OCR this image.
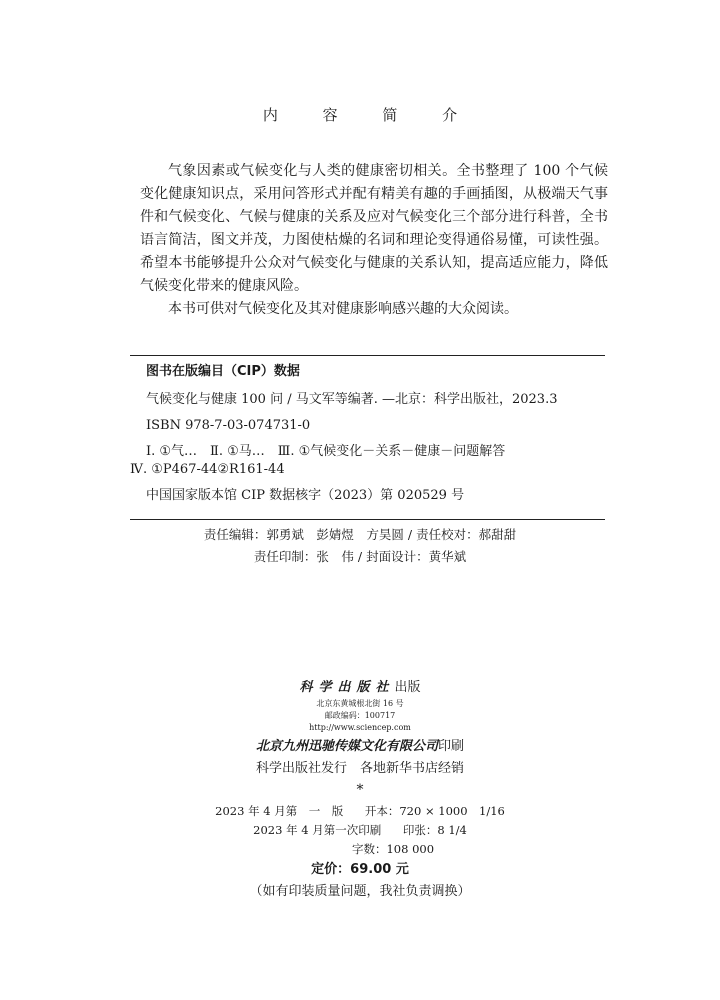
内 容 简 介

气象因素或气候变化与人类的健康密切相关。全书整理了 100 个气候变化健康知识点，采用问答形式并配有精美有趣的手画插图，从极端天气事件和气候变化、气候与健康的关系及应对气候变化三个部分进行科普，全书语言简洁，图文并茂，力图使枯燥的名词和理论变得通俗易懂，可读性强。希望本书能够提升公众对气候变化与健康的关系认知，提高适应能力，降低气候变化带来的健康风险。

本书可供对气候变化及其对健康影响感兴趣的大众阅读。

图书在版编目（CIP）数据
气候变化与健康 100 问 / 马文军等编著. —北京：科学出版社，2023.3
ISBN 978-7-03-074731-0
Ⅰ. ①气…　Ⅱ. ①马…　Ⅲ. ①气候变化－关系－健康－问题解答
Ⅳ. ①P467-44②R161-44
中国国家版本馆 CIP 数据核字（2023）第 020529 号
责任编辑：郭勇斌　彭婧煜　方昊圆 / 责任校对：郝甜甜
责任印制：张　伟 / 封面设计：黄华斌
科学出版社出版
北京东黄城根北街 16 号
邮政编码：100717
http://www.sciencep.com
北京九州迅驰传媒文化有限公司印刷
科学出版社发行　各地新华书店经销
*
2023 年 4 月第　一　版 开本：720 × 1000　1/16
2023 年 4 月第一次印刷 印张：8 1/4
字数：108 000
定价：69.00 元
（如有印装质量问题，我社负责调换）
